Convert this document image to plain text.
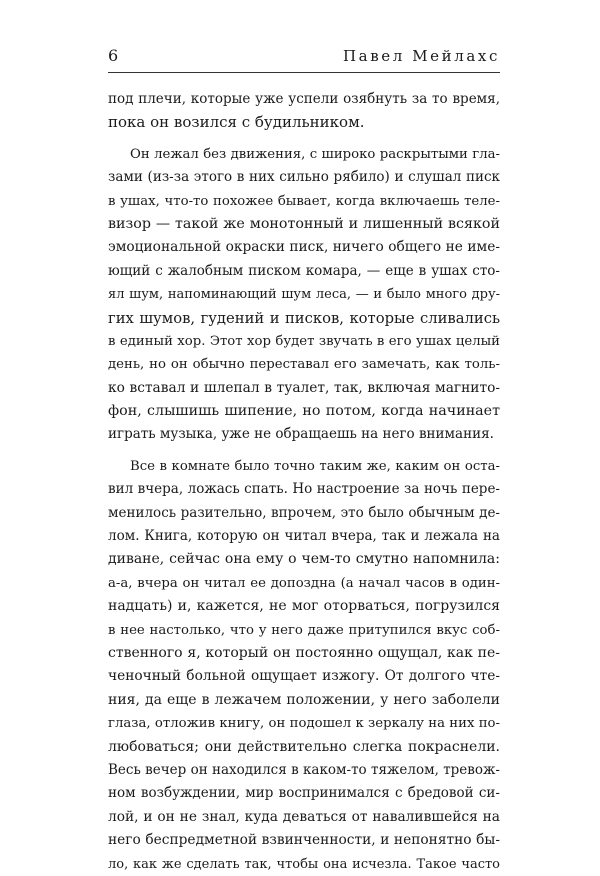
6	Павел Мейлахс
под плечи, которые уже успели озябнуть за то время,
пока он возился с будильником.
Он лежал без движения, с широко раскрытыми гла-
зами (из-за этого в них сильно рябило) и слушал писк
в ушах, что-то похожее бывает, когда включаешь теле-
визор — такой же монотонный и лишенный всякой
эмоциональной окраски писк, ничего общего не име-
ющий с жалобным писком комара, — еще в ушах сто-
ял шум, напоминающий шум леса, — и было много дру-
гих шумов, гудений и писков, которые сливались
в единый хор. Этот хор будет звучать в его ушах целый
день, но он обычно переставал его замечать, как толь-
ко вставал и шлепал в туалет, так, включая магнито-
фон, слышишь шипение, но потом, когда начинает
играть музыка, уже не обращаешь на него внимания.
Все в комнате было точно таким же, каким он оста-
вил вчера, ложась спать. Но настроение за ночь пере-
менилось разительно, впрочем, это было обычным де-
лом. Книга, которую он читал вчера, так и лежала на
диване, сейчас она ему о чем-то смутно напомнила:
а-а, вчера он читал ее допоздна (а начал часов в один-
надцать) и, кажется, не мог оторваться, погрузился
в нее настолько, что у него даже притупился вкус соб-
ственного я, который он постоянно ощущал, как пе-
ченочный больной ощущает изжогу. От долгого чте-
ния, да еще в лежачем положении, у него заболели
глаза, отложив книгу, он подошел к зеркалу на них по-
любоваться; они действительно слегка покраснели.
Весь вечер он находился в каком-то тяжелом, тревож-
ном возбуждении, мир воспринимался с бредовой си-
лой, и он не знал, куда деваться от навалившейся на
него беспредметной взвинченности, и непонятно бы-
ло, как же сделать так, чтобы она исчезла. Такое часто
